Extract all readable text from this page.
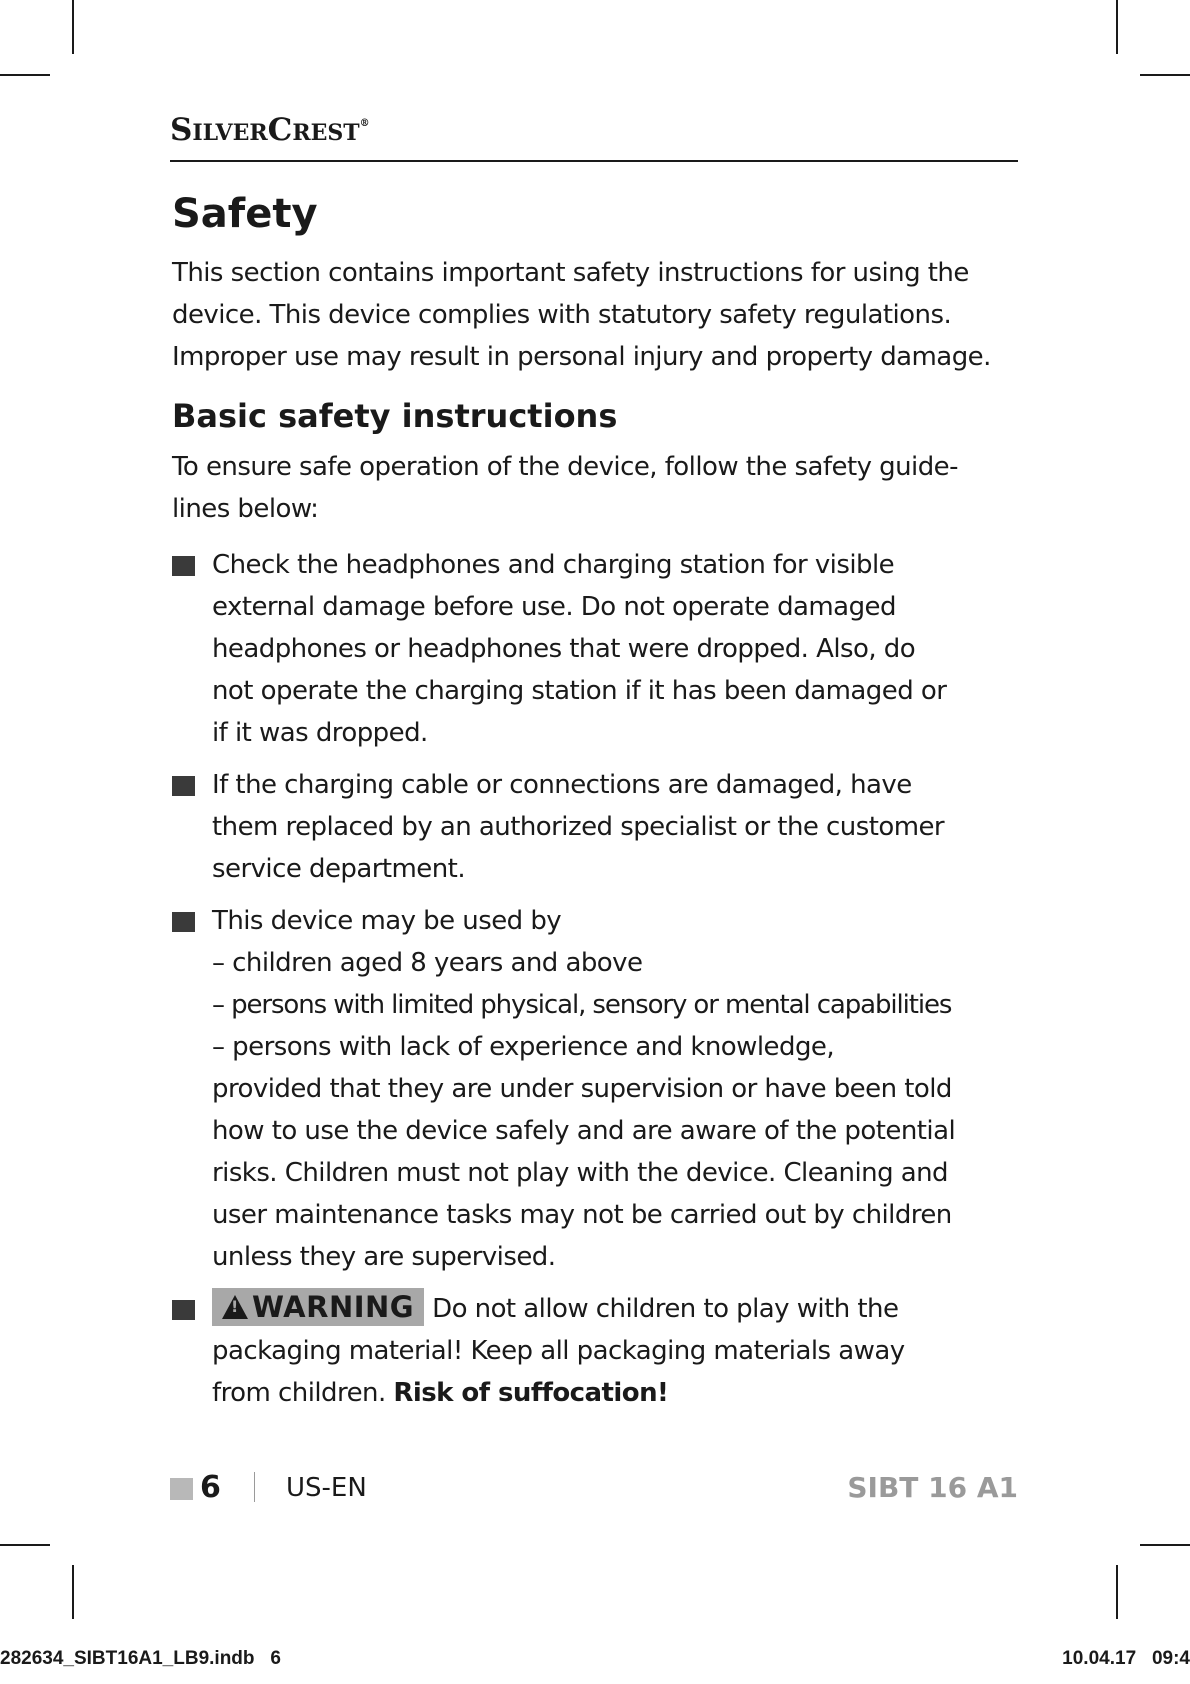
SilverCrest®
Safety

This section contains important safety instructions for using the device. This device complies with statutory safety regulations. Improper use may result in personal injury and property damage.

Basic safety instructions

To ensure safe operation of the device, follow the safety guide-
lines below:

Check the headphones and charging station for visible
external damage before use. Do not operate damaged
headphones or headphones that were dropped. Also, do
not operate the charging station if it has been damaged or
if it was dropped.
If the charging cable or connections are damaged, have
them replaced by an authorized specialist or the customer
service department.
This device may be used by
– children aged 8 years and above
– persons with limited physical, sensory or mental capabilities
– persons with lack of experience and knowledge,
provided that they are under supervision or have been told
how to use the device safely and are aware of the potential
risks. Children must not play with the device. Cleaning and
user maintenance tasks may not be carried out by children
unless they are supervised.
!WARNING Do not allow children to play with the
packaging material! Keep all packaging materials away
from children. Risk of suffocation!
6	US-EN	SIBT 16 A1
282634_SIBT16A1_LB9.indb   6	10.04.17   09:4
